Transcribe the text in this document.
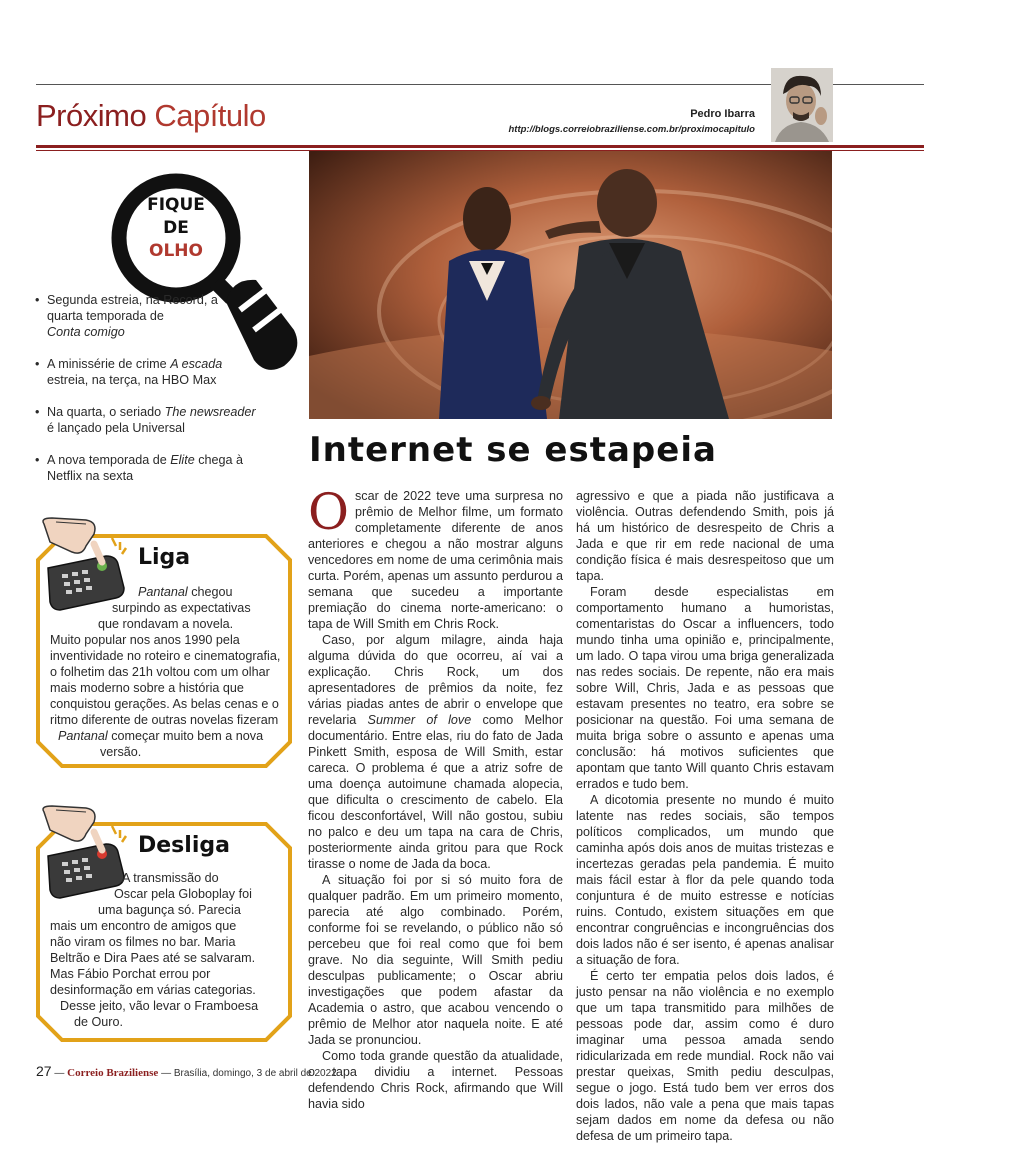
Próximo Capítulo	Pedro Ibarra
http://blogs.correiobraziliense.com.br/proximocapitulo
Internet se estapeia

Oscar de 2022 teve uma surpresa no prêmio de Melhor filme, um formato completamente diferente de anos anteriores e chegou a não mostrar alguns vencedores em nome de uma cerimônia mais curta. Porém, apenas um assunto perdurou a semana que sucedeu a importante premiação do cinema norte-americano: o tapa de Will Smith em Chris Rock.

Caso, por algum milagre, ainda haja alguma dúvida do que ocorreu, aí vai a explicação. Chris Rock, um dos apresentadores de prêmios da noite, fez várias piadas antes de abrir o envelope que revelaria Summer of love como Melhor documentário. Entre elas, riu do fato de Jada Pinkett Smith, esposa de Will Smith, estar careca. O problema é que a atriz sofre de uma doença autoimune chamada alopecia, que dificulta o crescimento de cabelo. Ela ficou desconfortável, Will não gostou, subiu no palco e deu um tapa na cara de Chris, posteriormente ainda gritou para que Rock tirasse o nome de Jada da boca.

A situação foi por si só muito fora de qualquer padrão. Em um primeiro momento, parecia até algo combinado. Porém, conforme foi se revelando, o público não só percebeu que foi real como que foi bem grave. No dia seguinte, Will Smith pediu desculpas publicamente; o Oscar abriu investigações que podem afastar da Academia o astro, que acabou vencendo o prêmio de Melhor ator naquela noite. E até Jada se pronunciou.

Como toda grande questão da atualidade, o tapa dividiu a internet. Pessoas defendendo Chris Rock, afirmando que Will havia sido

agressivo e que a piada não justificava a violência. Outras defendendo Smith, pois já há um histórico de desrespeito de Chris a Jada e que rir em rede nacional de uma condição física é mais desrespeitoso que um tapa.

Foram desde especialistas em comportamento humano a humoristas, comentaristas do Oscar a influencers, todo mundo tinha uma opinião e, principalmente, um lado. O tapa virou uma briga generalizada nas redes sociais. De repente, não era mais sobre Will, Chris, Jada e as pessoas que estavam presentes no teatro, era sobre se posicionar na questão. Foi uma semana de muita briga sobre o assunto e apenas uma conclusão: há motivos suficientes que apontam que tanto Will quanto Chris estavam errados e tudo bem.

A dicotomia presente no mundo é muito latente nas redes sociais, são tempos políticos complicados, um mundo que caminha após dois anos de muitas tristezas e incertezas geradas pela pandemia. É muito mais fácil estar à flor da pele quando toda conjuntura é de muito estresse e notícias ruins. Contudo, existem situações em que encontrar congruências e incongruências dos dois lados não é ser isento, é apenas analisar a situação de fora.

É certo ter empatia pelos dois lados, é justo pensar na não violência e no exemplo que um tapa transmitido para milhões de pessoas pode dar, assim como é duro imaginar uma pessoa amada sendo ridicularizada em rede mundial. Rock não vai prestar queixas, Smith pediu desculpas, segue o jogo. Está tudo bem ver erros dos dois lados, não vale a pena que mais tapas sejam dados em nome da defesa ou não defesa de um primeiro tapa.

FIQUE
DE
OLHO
• Segunda estreia, na Record, a
quarta temporada de
Conta comigo
• A minissérie de crime A escada
estreia, na terça, na HBO Max
• Na quarta, o seriado The newsreader
é lançado pela Universal
• A nova temporada de Elite chega à
Netflix na sexta
Liga
Pantanal chegou
surpindo as expectativas
que rondavam a novela.
Muito popular nos anos 1990 pela
inventividade no roteiro e cinematografia,
o folhetim das 21h voltou com um olhar
mais moderno sobre a história que
conquistou gerações. As belas cenas e o
ritmo diferente de outras novelas fizeram
Pantanal começar muito bem a nova
versão.
Desliga
A transmissão do
Oscar pela Globoplay foi
uma bagunça só. Parecia
mais um encontro de amigos que
não viram os filmes no bar. Maria
Beltrão e Dira Paes até se salvaram.
Mas Fábio Porchat errou por
desinformação em várias categorias.
Desse jeito, vão levar o Framboesa
de Ouro.
27 — Correio Braziliense — Brasília, domingo, 3 de abril de 2022
